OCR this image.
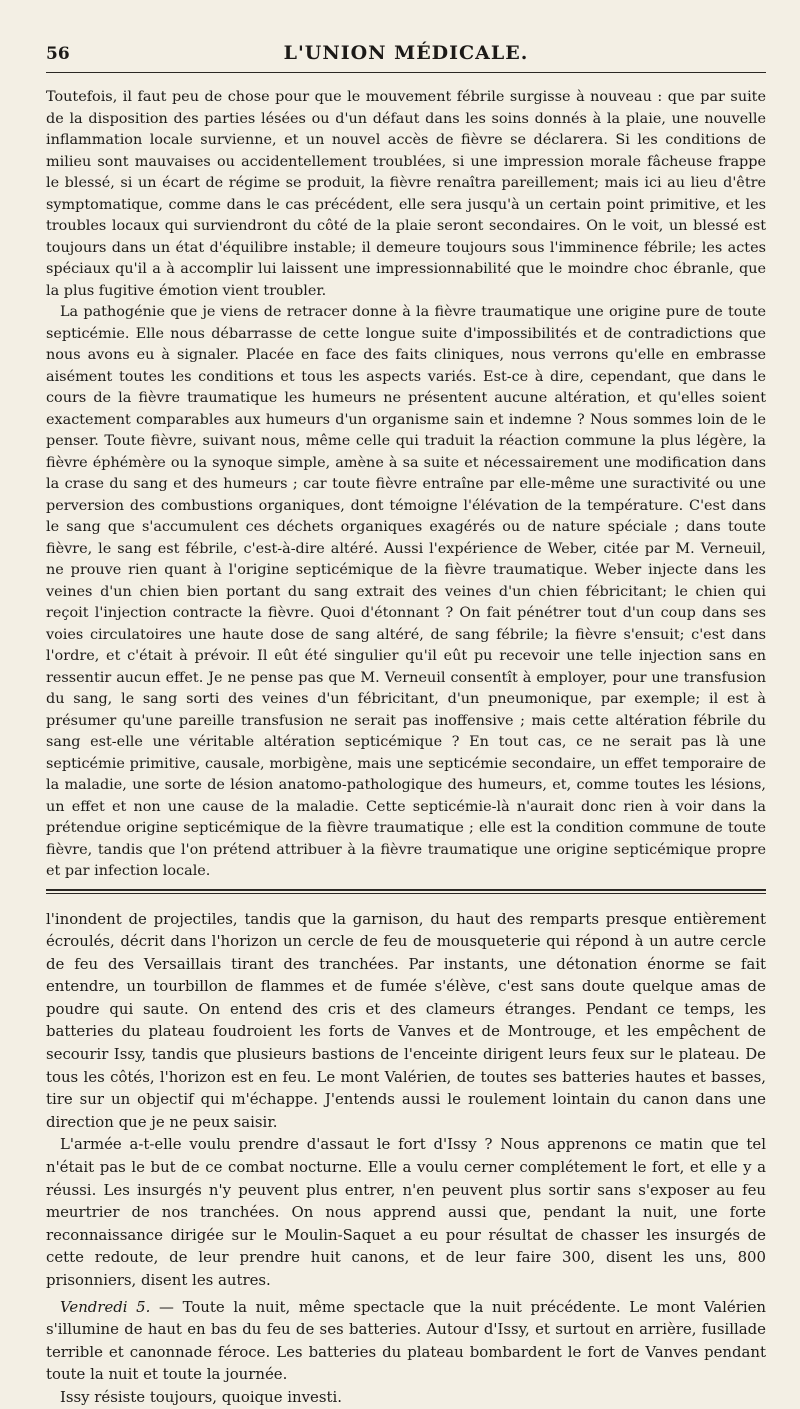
56	L'UNION MÉDICALE.

Toutefois, il faut peu de chose pour que le mouvement fébrile surgisse à nouveau : que par suite de la disposition des parties lésées ou d'un défaut dans les soins donnés à la plaie, une nouvelle inflammation locale survienne, et un nouvel accès de fièvre se déclarera. Si les conditions de milieu sont mauvaises ou accidentellement troublées, si une impression morale fâcheuse frappe le blessé, si un écart de régime se produit, la fièvre renaîtra pareillement; mais ici au lieu d'être symptomatique, comme dans le cas précédent, elle sera jusqu'à un certain point primitive, et les troubles locaux qui surviendront du côté de la plaie seront secondaires. On le voit, un blessé est toujours dans un état d'équilibre instable; il demeure toujours sous l'imminence fébrile; les actes spéciaux qu'il a à accomplir lui laissent une impressionnabilité que le moindre choc ébranle, que la plus fugitive émotion vient troubler.

La pathogénie que je viens de retracer donne à la fièvre traumatique une origine pure de toute septicémie. Elle nous débarrasse de cette longue suite d'impossibilités et de contradictions que nous avons eu à signaler. Placée en face des faits cliniques, nous verrons qu'elle en embrasse aisément toutes les conditions et tous les aspects variés. Est-ce à dire, cependant, que dans le cours de la fièvre traumatique les humeurs ne présentent aucune altération, et qu'elles soient exactement comparables aux humeurs d'un organisme sain et indemne ? Nous sommes loin de le penser. Toute fièvre, suivant nous, même celle qui traduit la réaction commune la plus légère, la fièvre éphémère ou la synoque simple, amène à sa suite et nécessairement une modification dans la crase du sang et des humeurs ; car toute fièvre entraîne par elle-même une suractivité ou une perversion des combustions organiques, dont témoigne l'élévation de la température. C'est dans le sang que s'accumulent ces déchets organiques exagérés ou de nature spéciale ; dans toute fièvre, le sang est fébrile, c'est-à-dire altéré. Aussi l'expérience de Weber, citée par M. Verneuil, ne prouve rien quant à l'origine septicémique de la fièvre traumatique. Weber injecte dans les veines d'un chien bien portant du sang extrait des veines d'un chien fébricitant; le chien qui reçoit l'injection contracte la fièvre. Quoi d'étonnant ? On fait pénétrer tout d'un coup dans ses voies circulatoires une haute dose de sang altéré, de sang fébrile; la fièvre s'ensuit; c'est dans l'ordre, et c'était à prévoir. Il eût été singulier qu'il eût pu recevoir une telle injection sans en ressentir aucun effet. Je ne pense pas que M. Verneuil consentît à employer, pour une transfusion du sang, le sang sorti des veines d'un fébricitant, d'un pneumonique, par exemple; il est à présumer qu'une pareille transfusion ne serait pas inoffensive ; mais cette altération fébrile du sang est-elle une véritable altération septicémique ? En tout cas, ce ne serait pas là une septicémie primitive, causale, morbigène, mais une septicémie secondaire, un effet temporaire de la maladie, une sorte de lésion anatomo-pathologique des humeurs, et, comme toutes les lésions, un effet et non une cause de la maladie. Cette septicémie-là n'aurait donc rien à voir dans la prétendue origine septicémique de la fièvre traumatique ; elle est la condition commune de toute fièvre, tandis que l'on prétend attribuer à la fièvre traumatique une origine septicémique propre et par infection locale.

l'inondent de projectiles, tandis que la garnison, du haut des remparts presque entièrement écroulés, décrit dans l'horizon un cercle de feu de mousqueterie qui répond à un autre cercle de feu des Versaillais tirant des tranchées. Par instants, une détonation énorme se fait entendre, un tourbillon de flammes et de fumée s'élève, c'est sans doute quelque amas de poudre qui saute. On entend des cris et des clameurs étranges. Pendant ce temps, les batteries du plateau foudroient les forts de Vanves et de Montrouge, et les empêchent de secourir Issy, tandis que plusieurs bastions de l'enceinte dirigent leurs feux sur le plateau. De tous les côtés, l'horizon est en feu. Le mont Valérien, de toutes ses batteries hautes et basses, tire sur un objectif qui m'échappe. J'entends aussi le roulement lointain du canon dans une direction que je ne peux saisir.

L'armée a-t-elle voulu prendre d'assaut le fort d'Issy ? Nous apprenons ce matin que tel n'était pas le but de ce combat nocturne. Elle a voulu cerner complétement le fort, et elle y a réussi. Les insurgés n'y peuvent plus entrer, n'en peuvent plus sortir sans s'exposer au feu meurtrier de nos tranchées. On nous apprend aussi que, pendant la nuit, une forte reconnaissance dirigée sur le Moulin-Saquet a eu pour résultat de chasser les insurgés de cette redoute, de leur prendre huit canons, et de leur faire 300, disent les uns, 800 prisonniers, disent les autres.

Vendredi 5. — Toute la nuit, même spectacle que la nuit précédente. Le mont Valérien s'illumine de haut en bas du feu de ses batteries. Autour d'Issy, et surtout en arrière, fusillade terrible et canonnade féroce. Les batteries du plateau bombardent le fort de Vanves pendant toute la nuit et toute la journée.

Issy résiste toujours, quoique investi.
